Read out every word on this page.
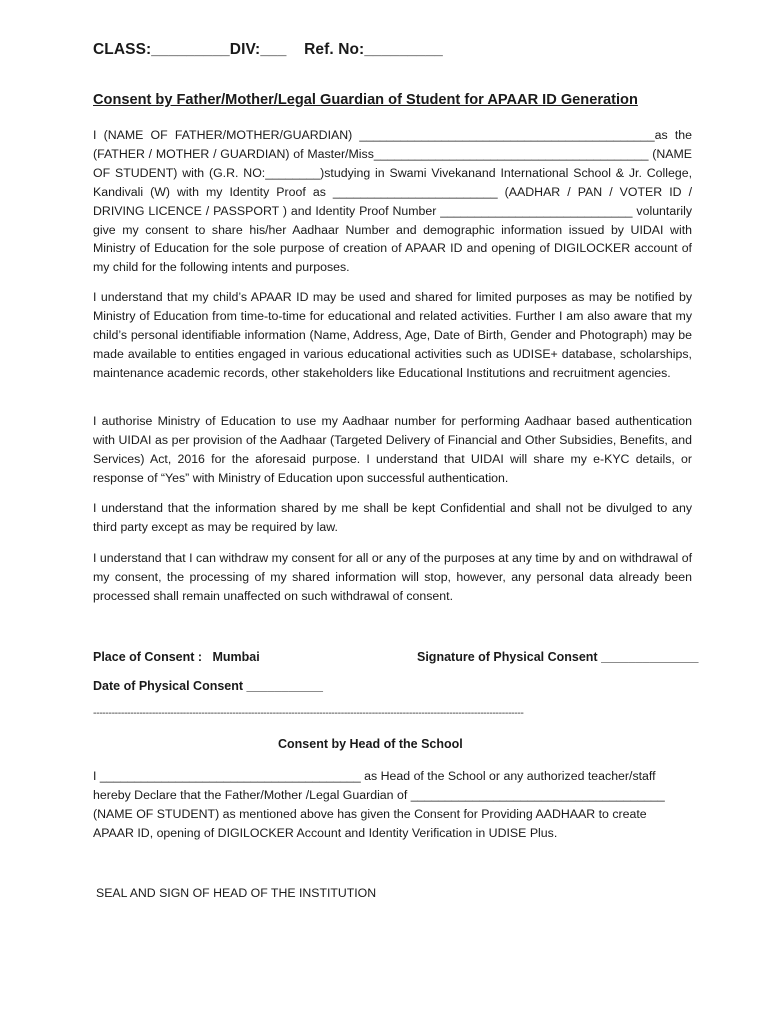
CLASS:_________DIV:___    Ref. No:_________
Consent by Father/Mother/Legal Guardian of Student for APAAR ID Generation

I (NAME OF FATHER/MOTHER/GUARDIAN) ___________________________________________as the (FATHER / MOTHER / GUARDIAN) of Master/Miss________________________________________ (NAME OF STUDENT) with (G.R. NO:________)studying in Swami Vivekanand International School & Jr. College, Kandivali (W) with my Identity Proof as ________________________ (AADHAR / PAN / VOTER ID / DRIVING LICENCE / PASSPORT ) and Identity Proof Number ____________________________ voluntarily give my consent to share his/her Aadhaar Number and demographic information issued by UIDAI with Ministry of Education for the sole purpose of creation of APAAR ID and opening of DIGILOCKER account of my child for the following intents and purposes.

I understand that my child’s APAAR ID may be used and shared for limited purposes as may be notified by Ministry of Education from time-to-time for educational and related activities. Further I am also aware that my child’s personal identifiable information (Name, Address, Age, Date of Birth, Gender and Photograph) may be made available to entities engaged in various educational activities such as UDISE+ database, scholarships, maintenance academic records, other stakeholders like Educational Institutions and recruitment agencies.

I authorise Ministry of Education to use my Aadhaar number for performing Aadhaar based authentication with UIDAI as per provision of the Aadhaar (Targeted Delivery of Financial and Other Subsidies, Benefits, and Services) Act, 2016 for the aforesaid purpose. I understand that UIDAI will share my e-KYC details, or response of “Yes” with Ministry of Education upon successful authentication.

I understand that the information shared by me shall be kept Confidential and shall not be divulged to any third party except as may be required by law.

I understand that I can withdraw my consent for all or any of the purposes at any time by and on withdrawal of my consent, the processing of my shared information will stop, however, any personal data already been processed shall remain unaffected on such withdrawal of consent.

Place of Consent :   Mumbai	Signature of Physical Consent ______________
Date of Physical Consent ___________
-------------------------------------------------------------------------------------------------------------------------------------------
Consent by Head of the School

I ______________________________________ as Head of the School or any authorized teacher/staff hereby Declare that the Father/Mother /Legal Guardian of _____________________________________ (NAME OF STUDENT) as mentioned above has given the Consent for Providing AADHAAR to create APAAR ID, opening of DIGILOCKER Account and Identity Verification in UDISE Plus.

SEAL AND SIGN OF HEAD OF THE INSTITUTION
